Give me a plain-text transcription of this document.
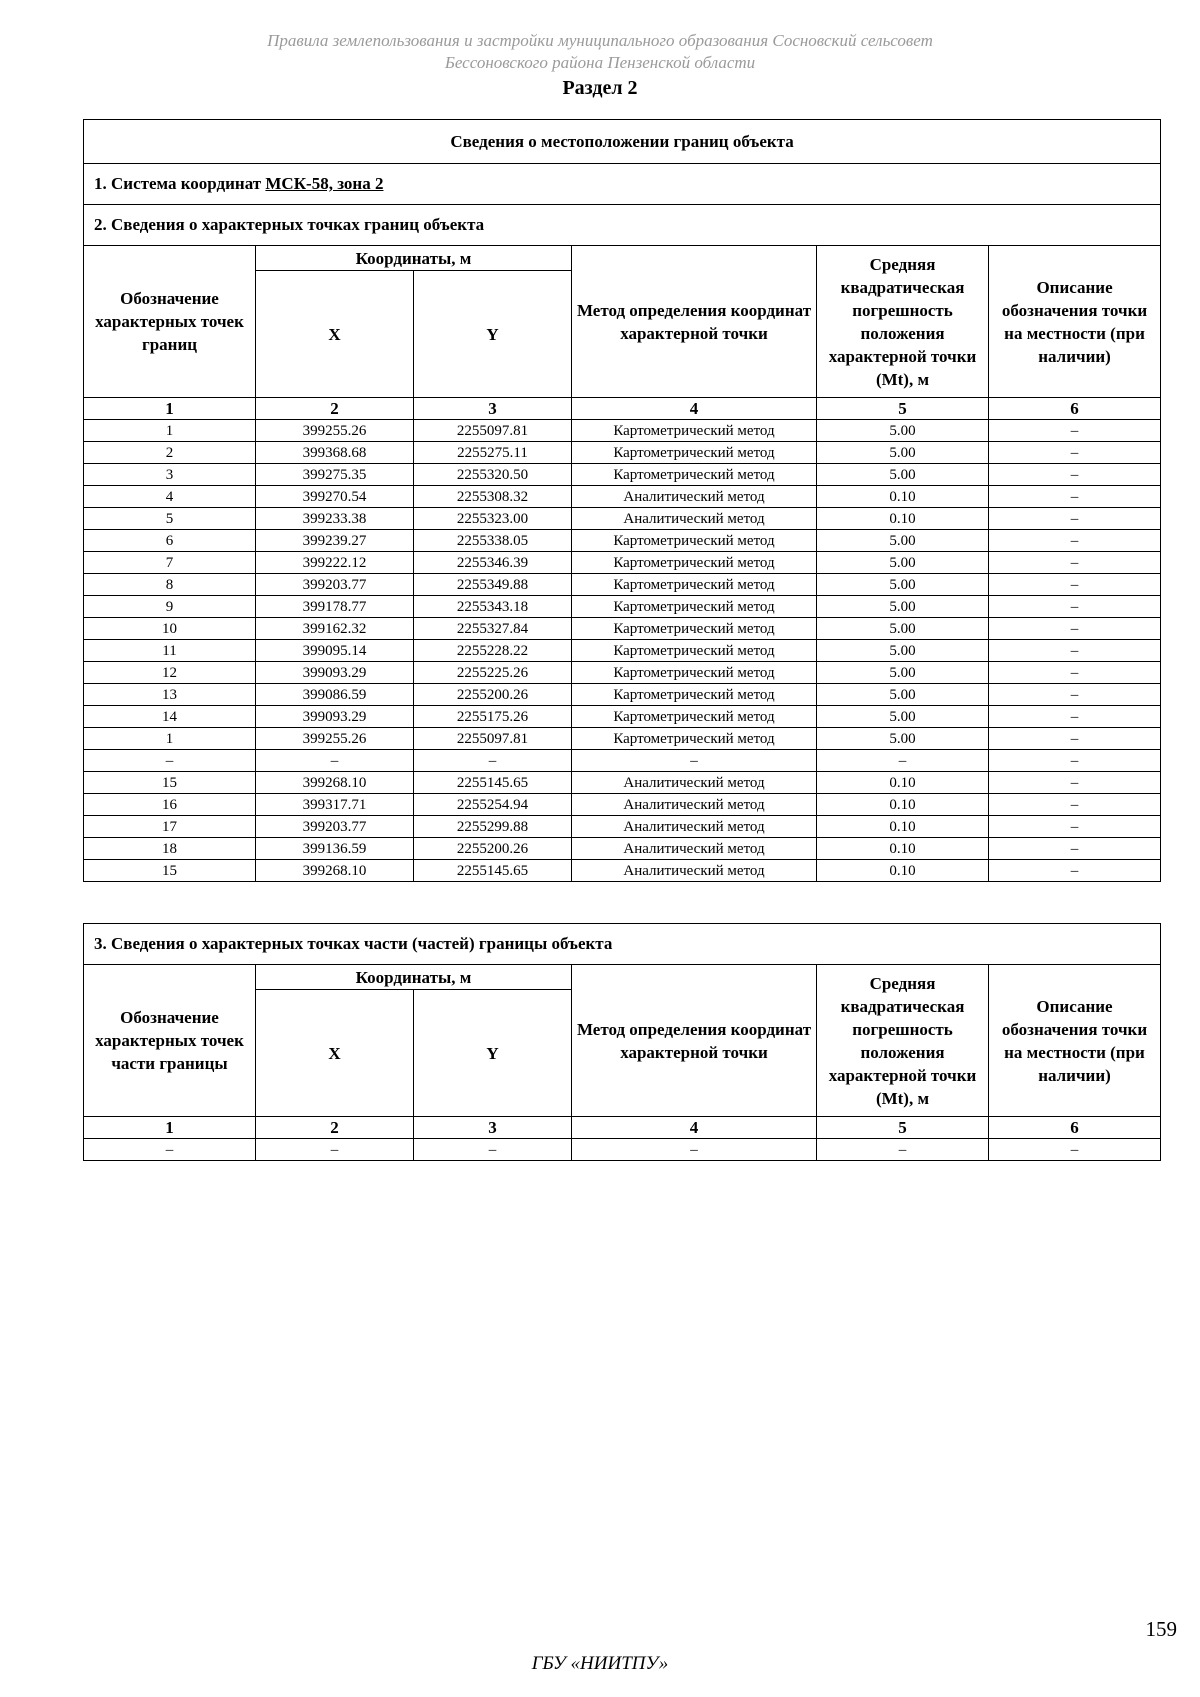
Правила землепользования и застройки муниципального образования Сосновский сельсовет
Бессоновского района Пензенской области
Раздел 2
Сведения о местоположении границ объекта					
1. Система координат МСК-58, зона 2					
2. Сведения о характерных точках границ объекта					
Обозначение характерных точек границ	Координаты, м		Метод определения координат характерной точки	Средняя квадратическая погрешность положения характерной точки (Mt), м	Описание обозначения точки на местности (при наличии)
	X	Y			
1	2	3	4	5	6
1	399255.26	2255097.81	Картометрический метод	5.00	–
2	399368.68	2255275.11	Картометрический метод	5.00	–
3	399275.35	2255320.50	Картометрический метод	5.00	–
4	399270.54	2255308.32	Аналитический метод	0.10	–
5	399233.38	2255323.00	Аналитический метод	0.10	–
6	399239.27	2255338.05	Картометрический метод	5.00	–
7	399222.12	2255346.39	Картометрический метод	5.00	–
8	399203.77	2255349.88	Картометрический метод	5.00	–
9	399178.77	2255343.18	Картометрический метод	5.00	–
10	399162.32	2255327.84	Картометрический метод	5.00	–
11	399095.14	2255228.22	Картометрический метод	5.00	–
12	399093.29	2255225.26	Картометрический метод	5.00	–
13	399086.59	2255200.26	Картометрический метод	5.00	–
14	399093.29	2255175.26	Картометрический метод	5.00	–
1	399255.26	2255097.81	Картометрический метод	5.00	–
–	–	–	–	–	–
15	399268.10	2255145.65	Аналитический метод	0.10	–
16	399317.71	2255254.94	Аналитический метод	0.10	–
17	399203.77	2255299.88	Аналитический метод	0.10	–
18	399136.59	2255200.26	Аналитический метод	0.10	–
15	399268.10	2255145.65	Аналитический метод	0.10	–
3. Сведения о характерных точках части (частей) границы объекта					
Обозначение характерных точек части границы	Координаты, м		Метод определения координат характерной точки	Средняя квадратическая погрешность положения характерной точки (Mt), м	Описание обозначения точки на местности (при наличии)
	X	Y			
1	2	3	4	5	6
–	–	–	–	–	–
159
ГБУ «НИИТПУ»
